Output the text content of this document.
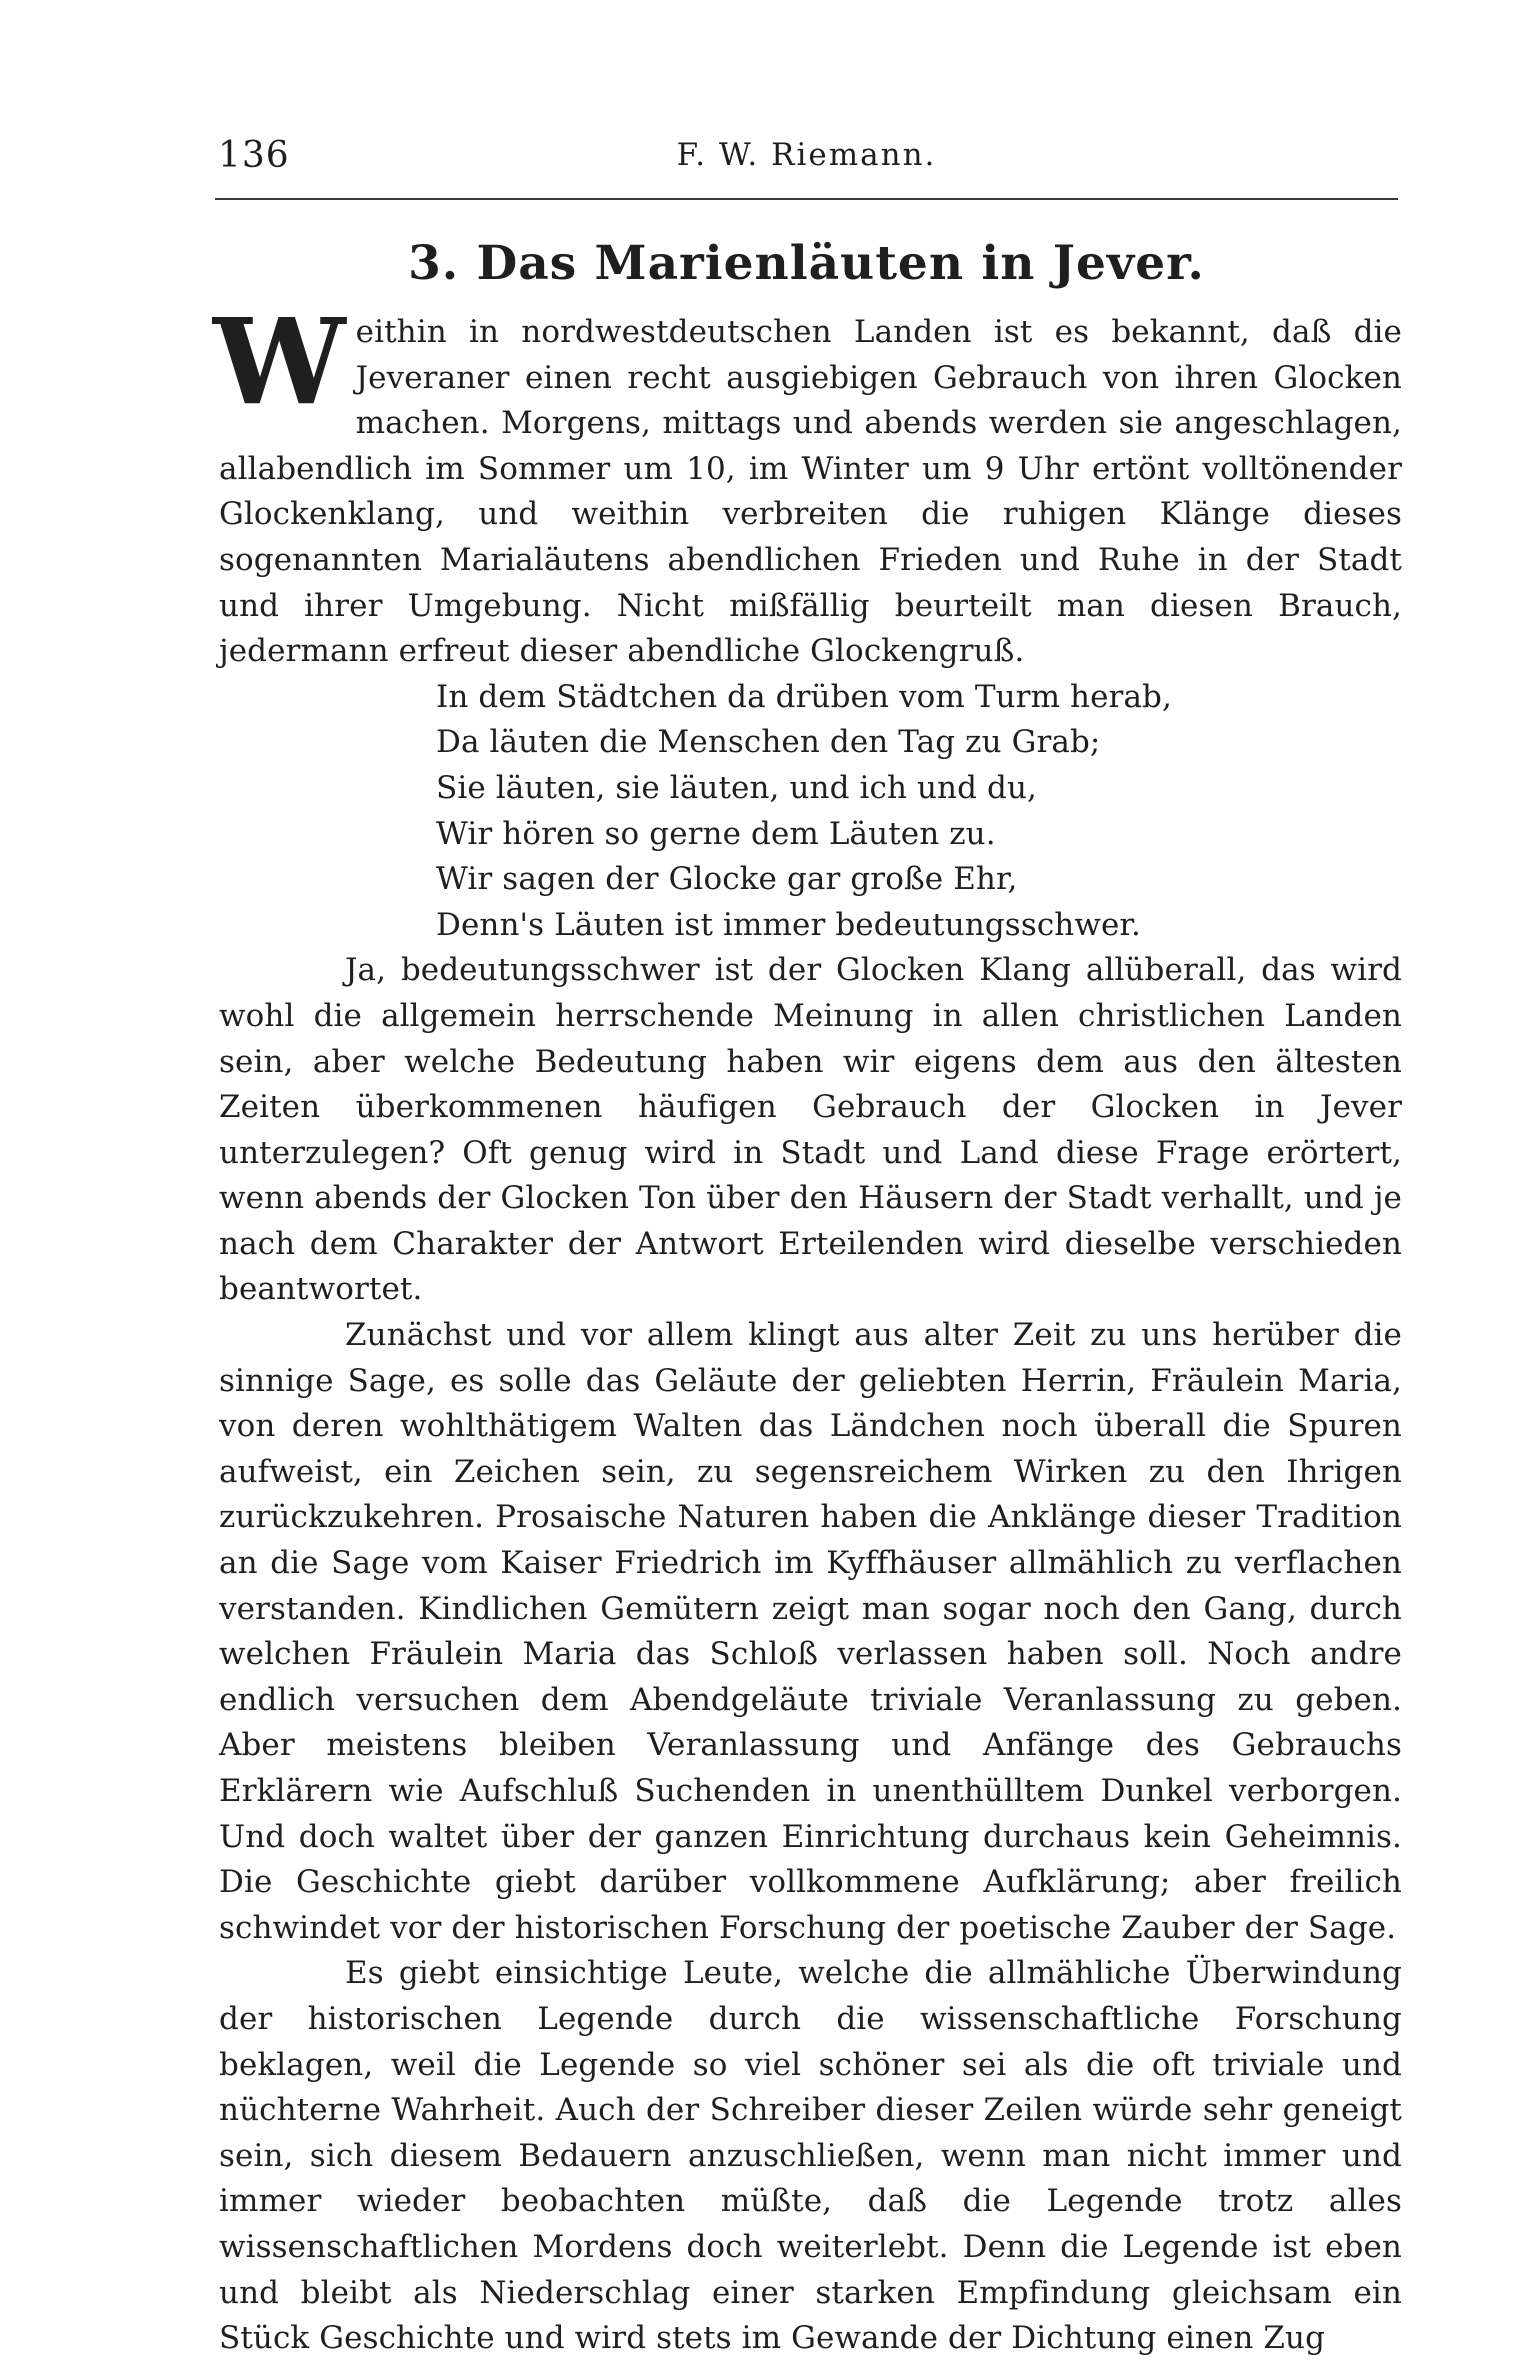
136	F. W. Riemann.
3. Das Marienläuten in Jever.

Weithin in nordwestdeutschen Landen ist es bekannt, daß die Jeveraner einen recht ausgiebigen Gebrauch von ihren Glocken machen. Morgens, mittags und abends werden sie angeschlagen, allabendlich im Sommer um 10, im Winter um 9 Uhr ertönt volltönender Glockenklang, und weithin verbreiten die ruhigen Klänge dieses sogenannten Marialäutens abendlichen Frieden und Ruhe in der Stadt und ihrer Umgebung. Nicht mißfällig beurteilt man diesen Brauch, jedermann erfreut dieser abendliche Glockengruß.

In dem Städtchen da drüben vom Turm herab,
Da läuten die Menschen den Tag zu Grab;
Sie läuten, sie läuten, und ich und du,
Wir hören so gerne dem Läuten zu.
Wir sagen der Glocke gar große Ehr,
Denn's Läuten ist immer bedeutungsschwer.

Ja, bedeutungsschwer ist der Glocken Klang allüberall, das wird wohl die allgemein herrschende Meinung in allen christlichen Landen sein, aber welche Bedeutung haben wir eigens dem aus den ältesten Zeiten überkommenen häufigen Gebrauch der Glocken in Jever unterzulegen? Oft genug wird in Stadt und Land diese Frage erörtert, wenn abends der Glocken Ton über den Häusern der Stadt verhallt, und je nach dem Charakter der Antwort Erteilenden wird dieselbe verschieden beantwortet.

Zunächst und vor allem klingt aus alter Zeit zu uns herüber die sinnige Sage, es solle das Geläute der geliebten Herrin, Fräulein Maria, von deren wohlthätigem Walten das Ländchen noch überall die Spuren aufweist, ein Zeichen sein, zu segensreichem Wirken zu den Ihrigen zurückzukehren. Prosaische Naturen haben die Anklänge dieser Tradition an die Sage vom Kaiser Friedrich im Kyffhäuser allmählich zu verflachen verstanden. Kindlichen Gemütern zeigt man sogar noch den Gang, durch welchen Fräulein Maria das Schloß verlassen haben soll. Noch andre endlich versuchen dem Abendgeläute triviale Veranlassung zu geben. Aber meistens bleiben Veranlassung und Anfänge des Gebrauchs Erklärern wie Aufschluß Suchenden in unenthülltem Dunkel verborgen. Und doch waltet über der ganzen Einrichtung durchaus kein Geheimnis. Die Geschichte giebt darüber vollkommene Aufklärung; aber freilich schwindet vor der historischen Forschung der poetische Zauber der Sage.

Es giebt einsichtige Leute, welche die allmähliche Überwindung der historischen Legende durch die wissenschaftliche Forschung beklagen, weil die Legende so viel schöner sei als die oft triviale und nüchterne Wahrheit. Auch der Schreiber dieser Zeilen würde sehr geneigt sein, sich diesem Bedauern anzuschließen, wenn man nicht immer und immer wieder beobachten müßte, daß die Legende trotz alles wissenschaftlichen Mordens doch weiterlebt. Denn die Legende ist eben und bleibt als Niederschlag einer starken Empfindung gleichsam ein Stück Geschichte und wird stets im Gewande der Dichtung einen Zug
